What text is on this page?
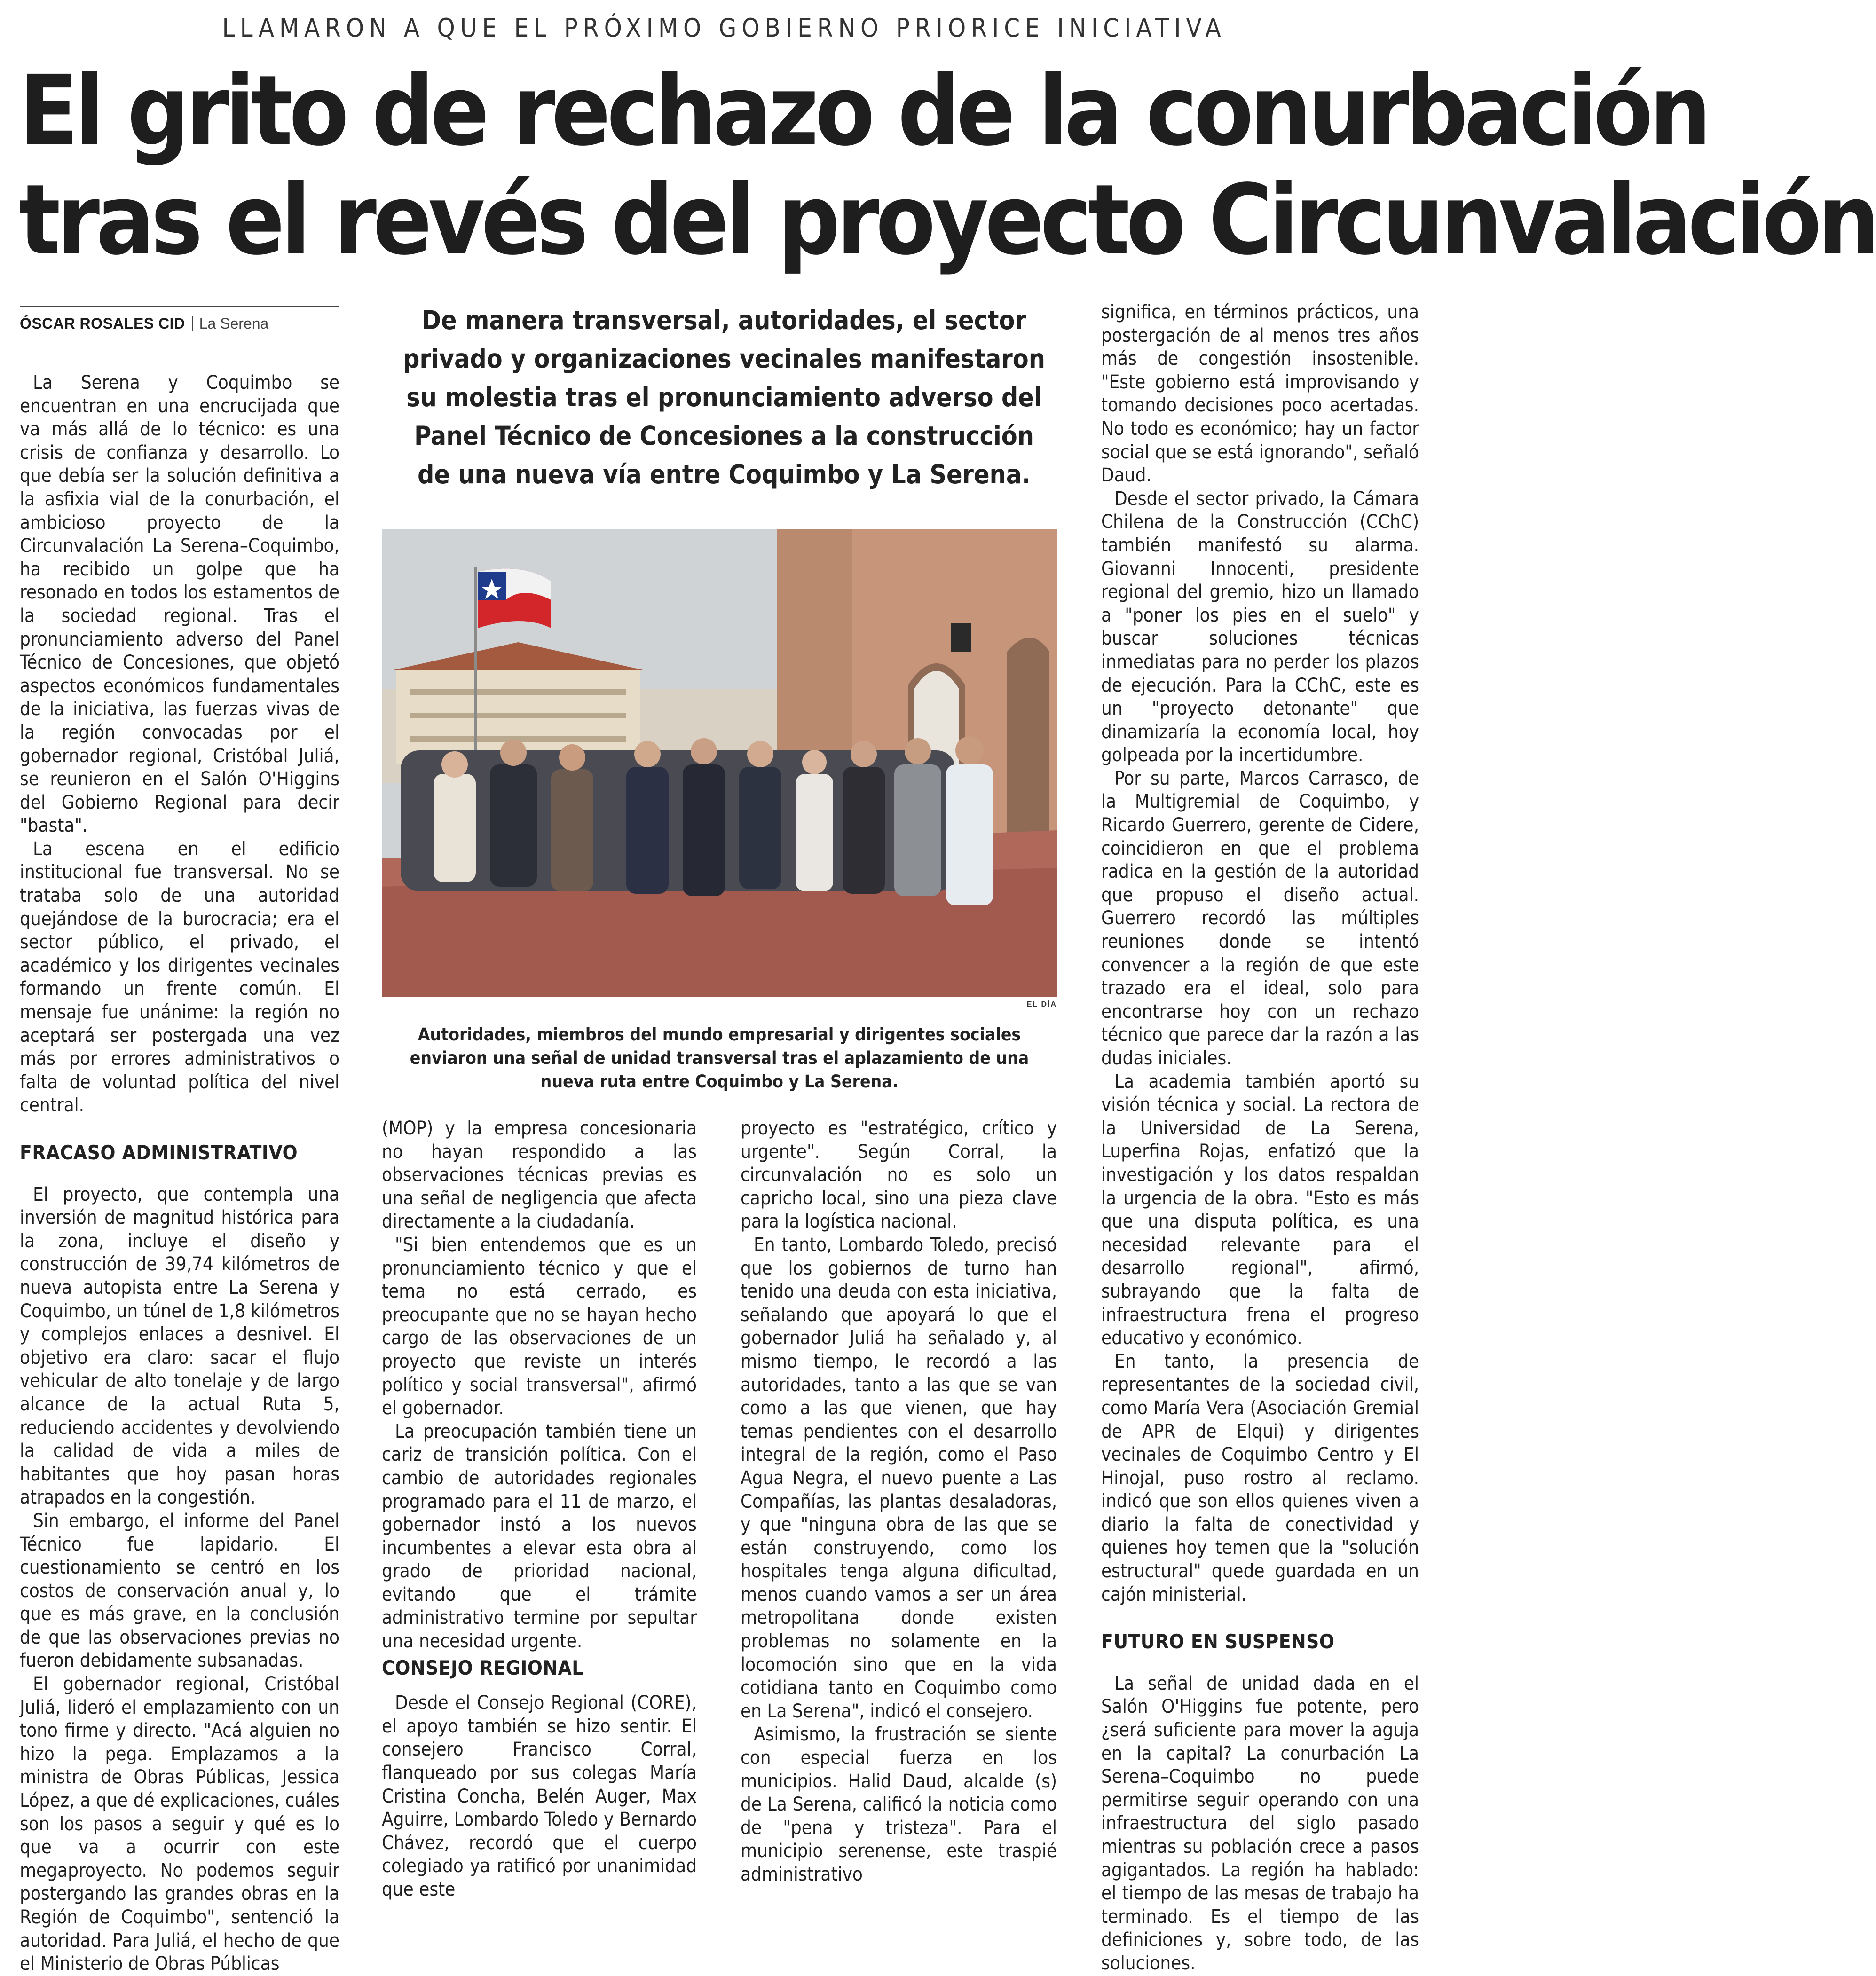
LLAMARON A QUE EL PRÓXIMO GOBIERNO PRIORICE INICIATIVA
El grito de rechazo de la conurbación
tras el revés del proyecto Circunvalación
ÓSCAR ROSALES CID La Serena	De manera transversal, autoridades, el sector privado y organizaciones vecinales manifestaron su molestia tras el pronunciamiento adverso del Panel Técnico de Concesiones a la construcción de una nueva vía entre Coquimbo y La Serena.

La Serena y Coquimbo se encuentran en una encrucijada que va más allá de lo técnico: es una crisis de confianza y desarrollo. Lo que debía ser la solución definitiva a la asfixia vial de la conurbación, el ambicioso proyecto de la Circunvalación La Serena–Coquimbo, ha recibido un golpe que ha resonado en todos los estamentos de la sociedad regional. Tras el pronunciamiento adverso del Panel Técnico de Concesiones, que objetó aspectos económicos fundamentales de la iniciativa, las fuerzas vivas de la región convocadas por el gobernador regional, Cristóbal Juliá, se reunieron en el Salón O'Higgins del Gobierno Regional para decir "basta".

La escena en el edificio institucional fue transversal. No se trataba solo de una autoridad quejándose de la burocracia; era el sector público, el privado, el académico y los dirigentes vecinales formando un frente común. El mensaje fue unánime: la región no aceptará ser postergada una vez más por errores administrativos o falta de voluntad política del nivel central.

FRACASO ADMINISTRATIVO

El proyecto, que contempla una inversión de magnitud histórica para la zona, incluye el diseño y construcción de 39,74 kilómetros de nueva autopista entre La Serena y Coquimbo, un túnel de 1,8 kilómetros y complejos enlaces a desnivel. El objetivo era claro: sacar el flujo vehicular de alto tonelaje y de largo alcance de la actual Ruta 5, reduciendo accidentes y devolviendo la calidad de vida a miles de habitantes que hoy pasan horas atrapados en la congestión.

Sin embargo, el informe del Panel Técnico fue lapidario. El cuestionamiento se centró en los costos de conservación anual y, lo que es más grave, en la conclusión de que las observaciones previas no fueron debidamente subsanadas.

El gobernador regional, Cristóbal Juliá, lideró el emplazamiento con un tono firme y directo. "Acá alguien no hizo la pega. Emplazamos a la ministra de Obras Públicas, Jessica López, a que dé explicaciones, cuáles son los pasos a seguir y qué es lo que va a ocurrir con este megaproyecto. No podemos seguir postergando las grandes obras en la Región de Coquimbo", sentenció la autoridad. Para Juliá, el hecho de que el Ministerio de Obras Públicas

EL DÍA
Autoridades, miembros del mundo empresarial y dirigentes sociales enviaron una señal de unidad transversal tras el aplazamiento de una nueva ruta entre Coquimbo y La Serena.

(MOP) y la empresa concesionaria no hayan respondido a las observaciones técnicas previas es una señal de negligencia que afecta directamente a la ciudadanía.

"Si bien entendemos que es un pronunciamiento técnico y que el tema no está cerrado, es preocupante que no se hayan hecho cargo de las observaciones de un proyecto que reviste un interés político y social transversal", afirmó el gobernador.

La preocupación también tiene un cariz de transición política. Con el cambio de autoridades regionales programado para el 11 de marzo, el gobernador instó a los nuevos incumbentes a elevar esta obra al grado de prioridad nacional, evitando que el trámite administrativo termine por sepultar una necesidad urgente.

CONSEJO REGIONAL

Desde el Consejo Regional (CORE), el apoyo también se hizo sentir. El consejero Francisco Corral, flanqueado por sus colegas María Cristina Concha, Belén Auger, Max Aguirre, Lombardo Toledo y Bernardo Chávez, recordó que el cuerpo colegiado ya ratificó por unanimidad que este

proyecto es "estratégico, crítico y urgente". Según Corral, la circunvalación no es solo un capricho local, sino una pieza clave para la logística nacional.

En tanto, Lombardo Toledo, precisó que los gobiernos de turno han tenido una deuda con esta iniciativa, señalando que apoyará lo que el gobernador Juliá ha señalado y, al mismo tiempo, le recordó a las autoridades, tanto a las que se van como a las que vienen, que hay temas pendientes con el desarrollo integral de la región, como el Paso Agua Negra, el nuevo puente a Las Compañías, las plantas desaladoras, y que "ninguna obra de las que se están construyendo, como los hospitales tenga alguna dificultad, menos cuando vamos a ser un área metropolitana donde existen problemas no solamente en la locomoción sino que en la vida cotidiana tanto en Coquimbo como en La Serena", indicó el consejero.

Asimismo, la frustración se siente con especial fuerza en los municipios. Halid Daud, alcalde (s) de La Serena, calificó la noticia como de "pena y tristeza". Para el municipio serenense, este traspié administrativo

significa, en términos prácticos, una postergación de al menos tres años más de congestión insostenible. "Este gobierno está improvisando y tomando decisiones poco acertadas. No todo es económico; hay un factor social que se está ignorando", señaló Daud.

Desde el sector privado, la Cámara Chilena de la Construcción (CChC) también manifestó su alarma. Giovanni Innocenti, presidente regional del gremio, hizo un llamado a "poner los pies en el suelo" y buscar soluciones técnicas inmediatas para no perder los plazos de ejecución. Para la CChC, este es un "proyecto detonante" que dinamizaría la economía local, hoy golpeada por la incertidumbre.

Por su parte, Marcos Carrasco, de la Multigremial de Coquimbo, y Ricardo Guerrero, gerente de Cidere, coincidieron en que el problema radica en la gestión de la autoridad que propuso el diseño actual. Guerrero recordó las múltiples reuniones donde se intentó convencer a la región de que este trazado era el ideal, solo para encontrarse hoy con un rechazo técnico que parece dar la razón a las dudas iniciales.

La academia también aportó su visión técnica y social. La rectora de la Universidad de La Serena, Luperfina Rojas, enfatizó que la investigación y los datos respaldan la urgencia de la obra. "Esto es más que una disputa política, es una necesidad relevante para el desarrollo regional", afirmó, subrayando que la falta de infraestructura frena el progreso educativo y económico.

En tanto, la presencia de representantes de la sociedad civil, como María Vera (Asociación Gremial de APR de Elqui) y dirigentes vecinales de Coquimbo Centro y El Hinojal, puso rostro al reclamo. indicó que son ellos quienes viven a diario la falta de conectividad y quienes hoy temen que la "solución estructural" quede guardada en un cajón ministerial.

FUTURO EN SUSPENSO

La señal de unidad dada en el Salón O'Higgins fue potente, pero ¿será suficiente para mover la aguja en la capital? La conurbación La Serena–Coquimbo no puede permitirse seguir operando con una infraestructura del siglo pasado mientras su población crece a pasos agigantados. La región ha hablado: el tiempo de las mesas de trabajo ha terminado. Es el tiempo de las definiciones y, sobre todo, de las soluciones.
